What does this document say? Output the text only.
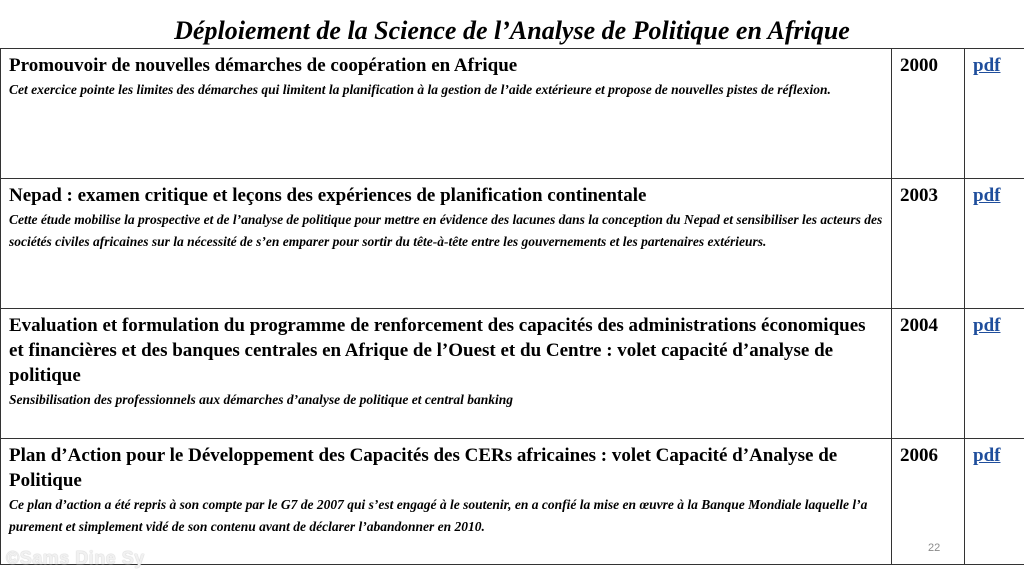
Déploiement de la Science de l’Analyse de Politique en Afrique
Promouvoir de nouvelles démarches de coopération en Afrique
Cet exercice pointe les limites des démarches qui limitent la planification à la gestion de l’aide extérieure et propose de nouvelles pistes de réflexion.	2000	pdf

Nepad : examen critique et leçons des expériences de planification continentale
Cette étude mobilise la prospective et de l’analyse de politique pour mettre en évidence des lacunes dans la conception du Nepad et sensibiliser les acteurs des sociétés civiles africaines sur la nécessité de s’en emparer pour sortir du tête-à-tête entre les gouvernements et les partenaires extérieurs.	2003	pdf

Evaluation et formulation du programme de renforcement des capacités des administrations économiques et financières et des banques centrales en Afrique de l’Ouest et du Centre : volet capacité d’analyse de politique
Sensibilisation des professionnels aux démarches d’analyse de politique et central banking	2004	pdf

Plan d’Action pour le Développement des Capacités des CERs africaines : volet Capacité d’Analyse de Politique
Ce plan d’action a été repris à son compte par le G7 de 2007 qui s’est engagé à le soutenir, en a confié la mise en œuvre à la Banque Mondiale laquelle l’a purement et simplement vidé de son contenu avant de déclarer l’abandonner en 2010.	2006	pdf
22
©Sams Dine Sy
